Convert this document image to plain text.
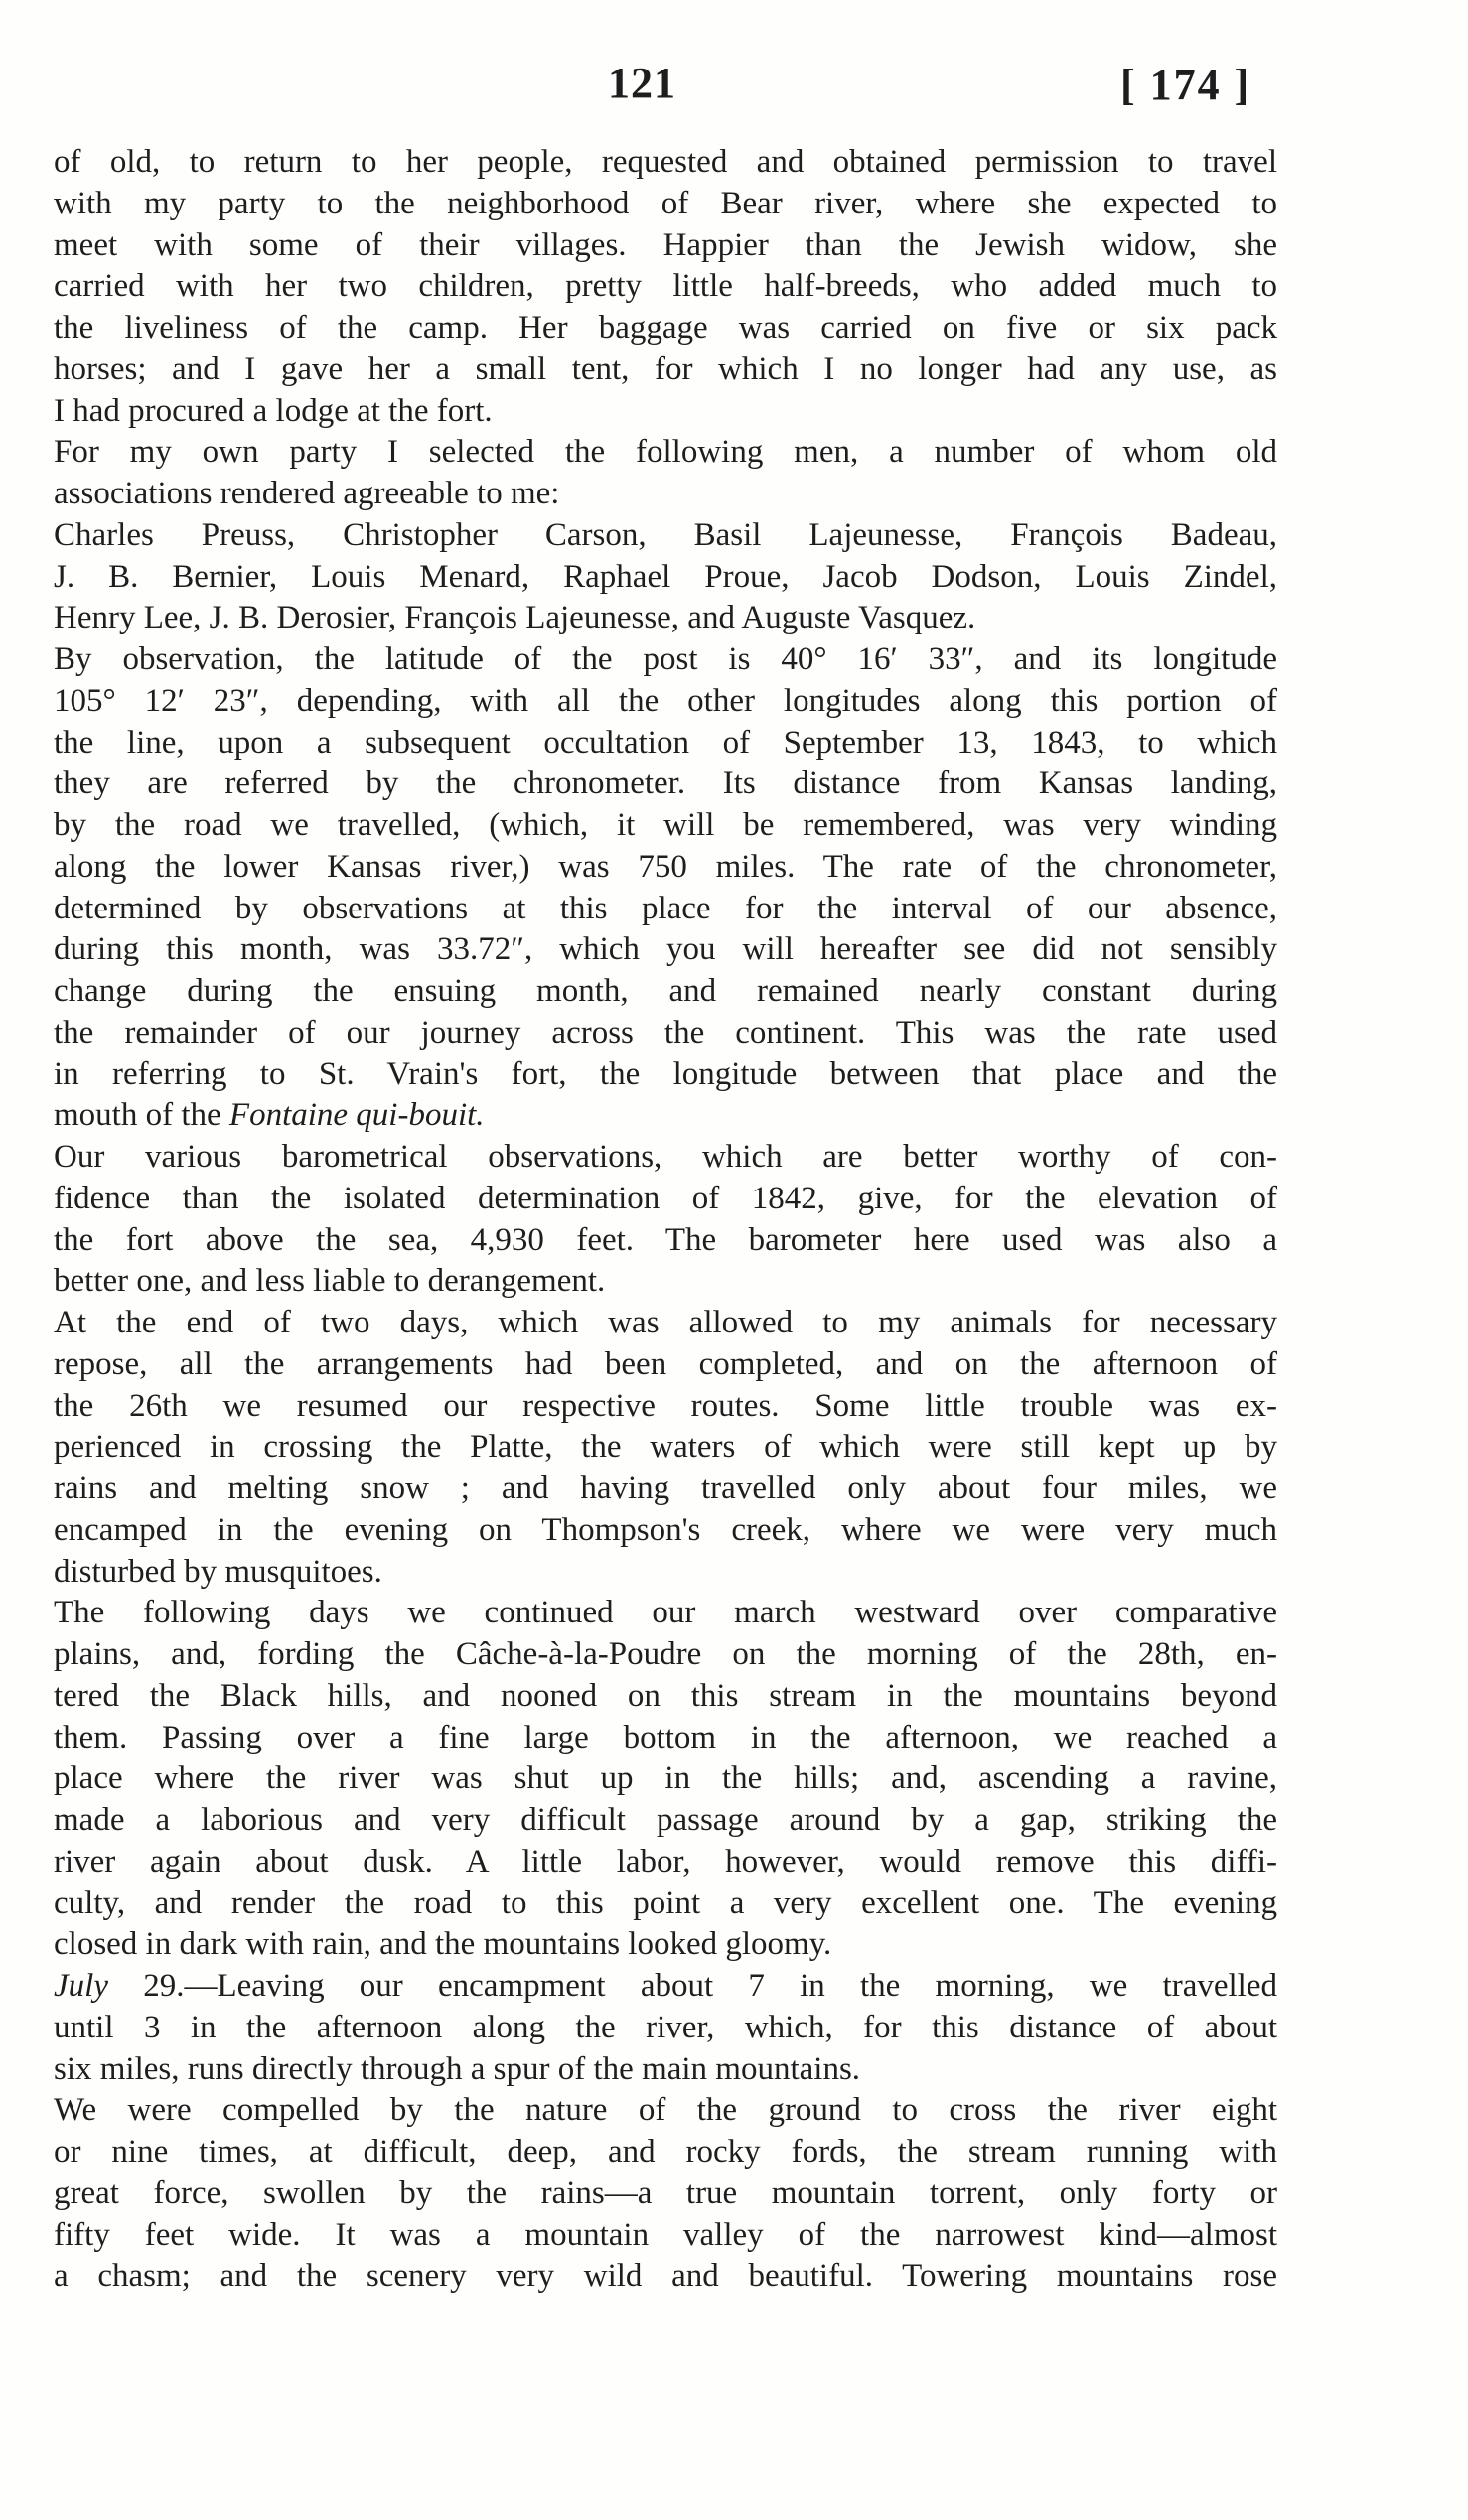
121	[ 174 ]
of old, to return to her people, requested and obtained permission to travel
with my party to the neighborhood of Bear river, where she expected to
meet with some of their villages. Happier than the Jewish widow, she
carried with her two children, pretty little half-breeds, who added much to
the liveliness of the camp. Her baggage was carried on five or six pack
horses; and I gave her a small tent, for which I no longer had any use, as
I had procured a lodge at the fort.
For my own party I selected the following men, a number of whom old
associations rendered agreeable to me:
Charles Preuss, Christopher Carson, Basil Lajeunesse, François Badeau,
J. B. Bernier, Louis Menard, Raphael Proue, Jacob Dodson, Louis Zindel,
Henry Lee, J. B. Derosier, François Lajeunesse, and Auguste Vasquez.
By observation, the latitude of the post is 40° 16′ 33″, and its longitude
105° 12′ 23″, depending, with all the other longitudes along this portion of
the line, upon a subsequent occultation of September 13, 1843, to which
they are referred by the chronometer. Its distance from Kansas landing,
by the road we travelled, (which, it will be remembered, was very winding
along the lower Kansas river,) was 750 miles. The rate of the chronometer,
determined by observations at this place for the interval of our absence,
during this month, was 33.72″, which you will hereafter see did not sensibly
change during the ensuing month, and remained nearly constant during
the remainder of our journey across the continent. This was the rate used
in referring to St. Vrain's fort, the longitude between that place and the
mouth of the Fontaine qui-bouit.
Our various barometrical observations, which are better worthy of con-
fidence than the isolated determination of 1842, give, for the elevation of
the fort above the sea, 4,930 feet. The barometer here used was also a
better one, and less liable to derangement.
At the end of two days, which was allowed to my animals for necessary
repose, all the arrangements had been completed, and on the afternoon of
the 26th we resumed our respective routes. Some little trouble was ex-
perienced in crossing the Platte, the waters of which were still kept up by
rains and melting snow ; and having travelled only about four miles, we
encamped in the evening on Thompson's creek, where we were very much
disturbed by musquitoes.
The following days we continued our march westward over comparative
plains, and, fording the Câche-à-la-Poudre on the morning of the 28th, en-
tered the Black hills, and nooned on this stream in the mountains beyond
them. Passing over a fine large bottom in the afternoon, we reached a
place where the river was shut up in the hills; and, ascending a ravine,
made a laborious and very difficult passage around by a gap, striking the
river again about dusk. A little labor, however, would remove this diffi-
culty, and render the road to this point a very excellent one. The evening
closed in dark with rain, and the mountains looked gloomy.
July 29.—Leaving our encampment about 7 in the morning, we travelled
until 3 in the afternoon along the river, which, for this distance of about
six miles, runs directly through a spur of the main mountains.
We were compelled by the nature of the ground to cross the river eight
or nine times, at difficult, deep, and rocky fords, the stream running with
great force, swollen by the rains—a true mountain torrent, only forty or
fifty feet wide. It was a mountain valley of the narrowest kind—almost
a chasm; and the scenery very wild and beautiful. Towering mountains rose
